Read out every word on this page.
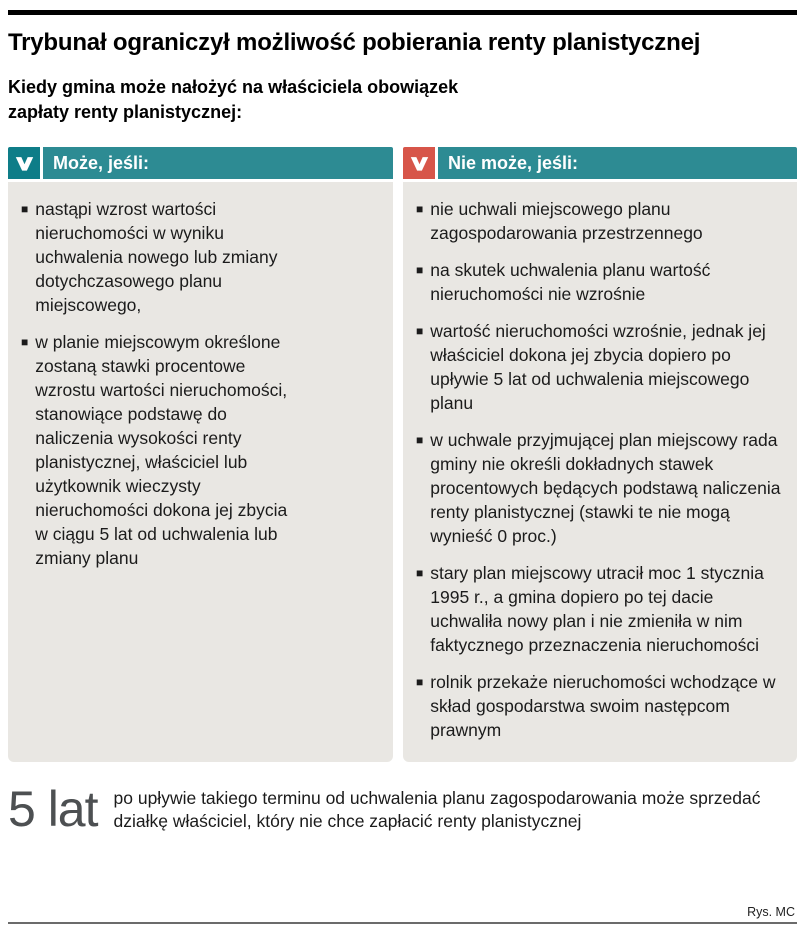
Trybunał ograniczył możliwość pobierania renty planistycznej
Kiedy gmina może nałożyć na właściciela obowiązek zapłaty renty planistycznej:
Może, jeśli:
■ nastąpi wzrost wartości nieruchomości w wyniku uchwalenia nowego lub zmiany dotychczasowego planu miejscowego,
■ w planie miejscowym określone zostaną stawki procentowe wzrostu wartości nieruchomości, stanowiące podstawę do naliczenia wysokości renty planistycznej, właściciel lub użytkownik wieczysty nieruchomości dokona jej zbycia w ciągu 5 lat od uchwalenia lub zmiany planu
Nie może, jeśli:
■ nie uchwali miejscowego planu zagospodarowania przestrzennego
■ na skutek uchwalenia planu wartość nieruchomości nie wzrośnie
■ wartość nieruchomości wzrośnie, jednak jej właściciel dokona jej zbycia dopiero po upływie 5 lat od uchwalenia miejscowego planu
■ w uchwale przyjmującej plan miejscowy rada gminy nie określi dokładnych stawek procentowych będących podstawą naliczenia renty planistycznej (stawki te nie mogą wynieść 0 proc.)
■ stary plan miejscowy utracił moc 1 stycznia 1995 r., a gmina dopiero po tej dacie uchwaliła nowy plan i nie zmieniła w nim faktycznego przeznaczenia nieruchomości
■ rolnik przekaże nieruchomości wchodzące w skład gospodarstwa swoim następcom prawnym
5 lat po upływie takiego terminu od uchwalenia planu zagospodarowania może sprzedać działkę właściciel, który nie chce zapłacić renty planistycznej
Rys. MC
